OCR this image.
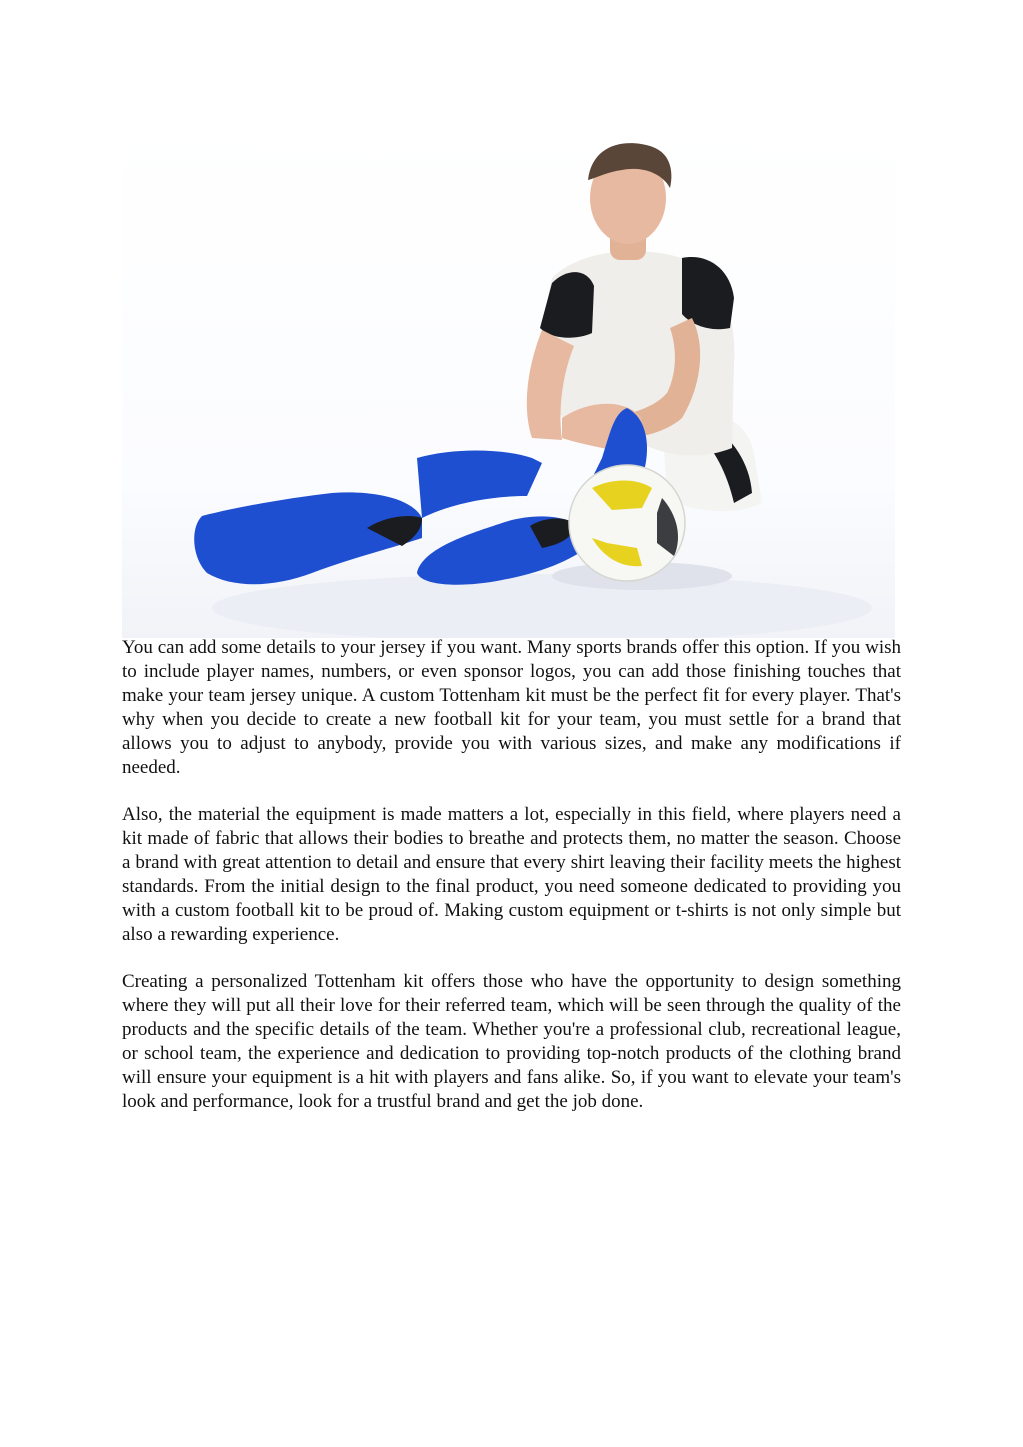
You can add some details to your jersey if you want. Many sports brands offer this option. If you wish to include player names, numbers, or even sponsor logos, you can add those finishing touches that make your team jersey unique. A custom Tottenham kit must be the perfect fit for every player. That's why when you decide to create a new football kit for your team, you must settle for a brand that allows you to adjust to anybody, provide you with various sizes, and make any modifications if needed.

Also, the material the equipment is made matters a lot, especially in this field, where players need a kit made of fabric that allows their bodies to breathe and protects them, no matter the season. Choose a brand with great attention to detail and ensure that every shirt leaving their facility meets the highest standards. From the initial design to the final product, you need someone dedicated to providing you with a custom football kit to be proud of. Making custom equipment or t-shirts is not only simple but also a rewarding experience.

Creating a personalized Tottenham kit offers those who have the opportunity to design something where they will put all their love for their referred team, which will be seen through the quality of the products and the specific details of the team. Whether you're a professional club, recreational league, or school team, the experience and dedication to providing top-notch products of the clothing brand will ensure your equipment is a hit with players and fans alike. So, if you want to elevate your team's look and performance, look for a trustful brand and get the job done.
